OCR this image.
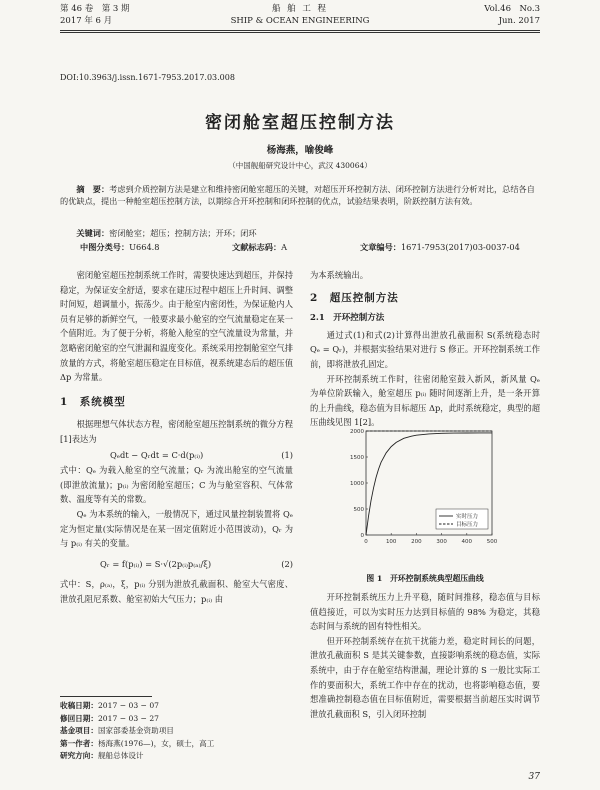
第 46 卷　第 3 期
2017 年 6 月
船 舶 工 程
SHIP & OCEAN ENGINEERING
Vol.46　No.3
Jun. 2017
DOI:10.3963/j.issn.1671-7953.2017.03.008
密闭舱室超压控制方法
杨海燕，喻俊峰
（中国舰船研究设计中心，武汉 430064）
摘　要：考虑到介质控制方法是建立和维持密闭舱室超压的关键，对超压开环控制方法、闭环控制方法进行分析对比，总结各自的优缺点，提出一种舱室超压控制方法，以期综合开环控制和闭环控制的优点，试验结果表明，阶跃控制方法有效。
关键词：密闭舱室；超压；控制方法；开环；闭环
中图分类号：U664.8	文献标志码：A	文章编号：1671-7953(2017)03-0037-04

密闭舱室超压控制系统工作时，需要快速达到超压，并保持稳定，为保证安全舒适，要求在建压过程中超压上升时间、调整时间短，超调量小，振荡少。由于舱室内密闭性，为保证舱内人员有足够的新鲜空气，一般要求最小舱室的空气流量稳定在某一个值附近。为了便于分析，将舱入舱室的空气流量设为常量，并忽略密闭舱室的空气泄漏和温度变化。系统采用控制舱室空气排放量的方式，将舱室超压稳定在目标值，视系统建态后的超压值 Δp 为常量。

1　系统模型

根据理想气体状态方程，密闭舱室超压控制系统的微分方程[1]表达为

Qₑdt − Qᵣdt = C·d(p₍ᵢ₎)	(1)

式中：Qₑ 为载入舱室的空气流量；Qᵣ 为流出舱室的空气流量(即泄放流量)；p₍ᵢ₎ 为密闭舱室超压；C 为与舱室容积、气体常数、温度等有关的常数。

Qₑ 为本系统的输入，一般情况下，通过风量控制装置将 Qₑ 定为恒定量(实际情况是在某一固定值附近小范围波动)，Qᵣ 为与 p₍ᵢ₎ 有关的变量。

Qᵣ = f(p₍ᵢ₎) = S·√(2p₍ᵢ₎p₍ₐ₎/ξ)	(2)

式中：S，ρ₍ₐ₎，ξ，p₍ᵢ₎ 分别为泄放孔截面积、舱室大气密度、泄放孔阻尼系数、舱室初始大气压力；p₍ᵢ₎ 由

收稿日期：2017 − 03 − 07
修回日期：2017 − 03 − 27
基金项目：国家部委基金资助项目
第一作者：杨海燕(1976—)，女，硕士，高工
研究方向：舰船总体设计
为本系统输出。
2　超压控制方法
2.1　开环控制方法

通过式(1)和式(2)计算得出泄放孔截面积 S(系统稳态时 Qₑ = Qᵣ)，并根据实验结果对进行 S 修正。开环控制系统工作前，即将泄放孔固定。

开环控制系统工作时，往密闭舱室鼓入新风，新风量 Qₑ 为单位阶跃输入，舱室超压 p₍ᵢ₎ 随时间逐渐上升，是一条开算的上升曲线，稳态值为目标超压 Δp，此时系统稳定，典型的超压曲线见图 1[2]。

0	100	200	300	400	500
0
500
1000
1500
2000
实时压力
目标压力
图 1　开环控制系统典型超压曲线

开环控制系统压力上升平稳，随时间推移，稳态值与目标值趋接近，可以为实时压力达到目标值的 98% 为稳定，其稳态时间与系统的固有特性相关。

但开环控制系统存在抗干扰能力差，稳定时间长的问题，泄放孔截面积 S 是其关键参数，直接影响系统的稳态值，实际系统中，由于存在舱室结构泄漏，理论计算的 S 一般比实际工作的要面积大，系统工作中存在的扰动，也将影响稳态值，要想准确控制稳态值在目标值附近，需要根据当前超压实时调节泄放孔截面积 S，引入闭环控制

37
